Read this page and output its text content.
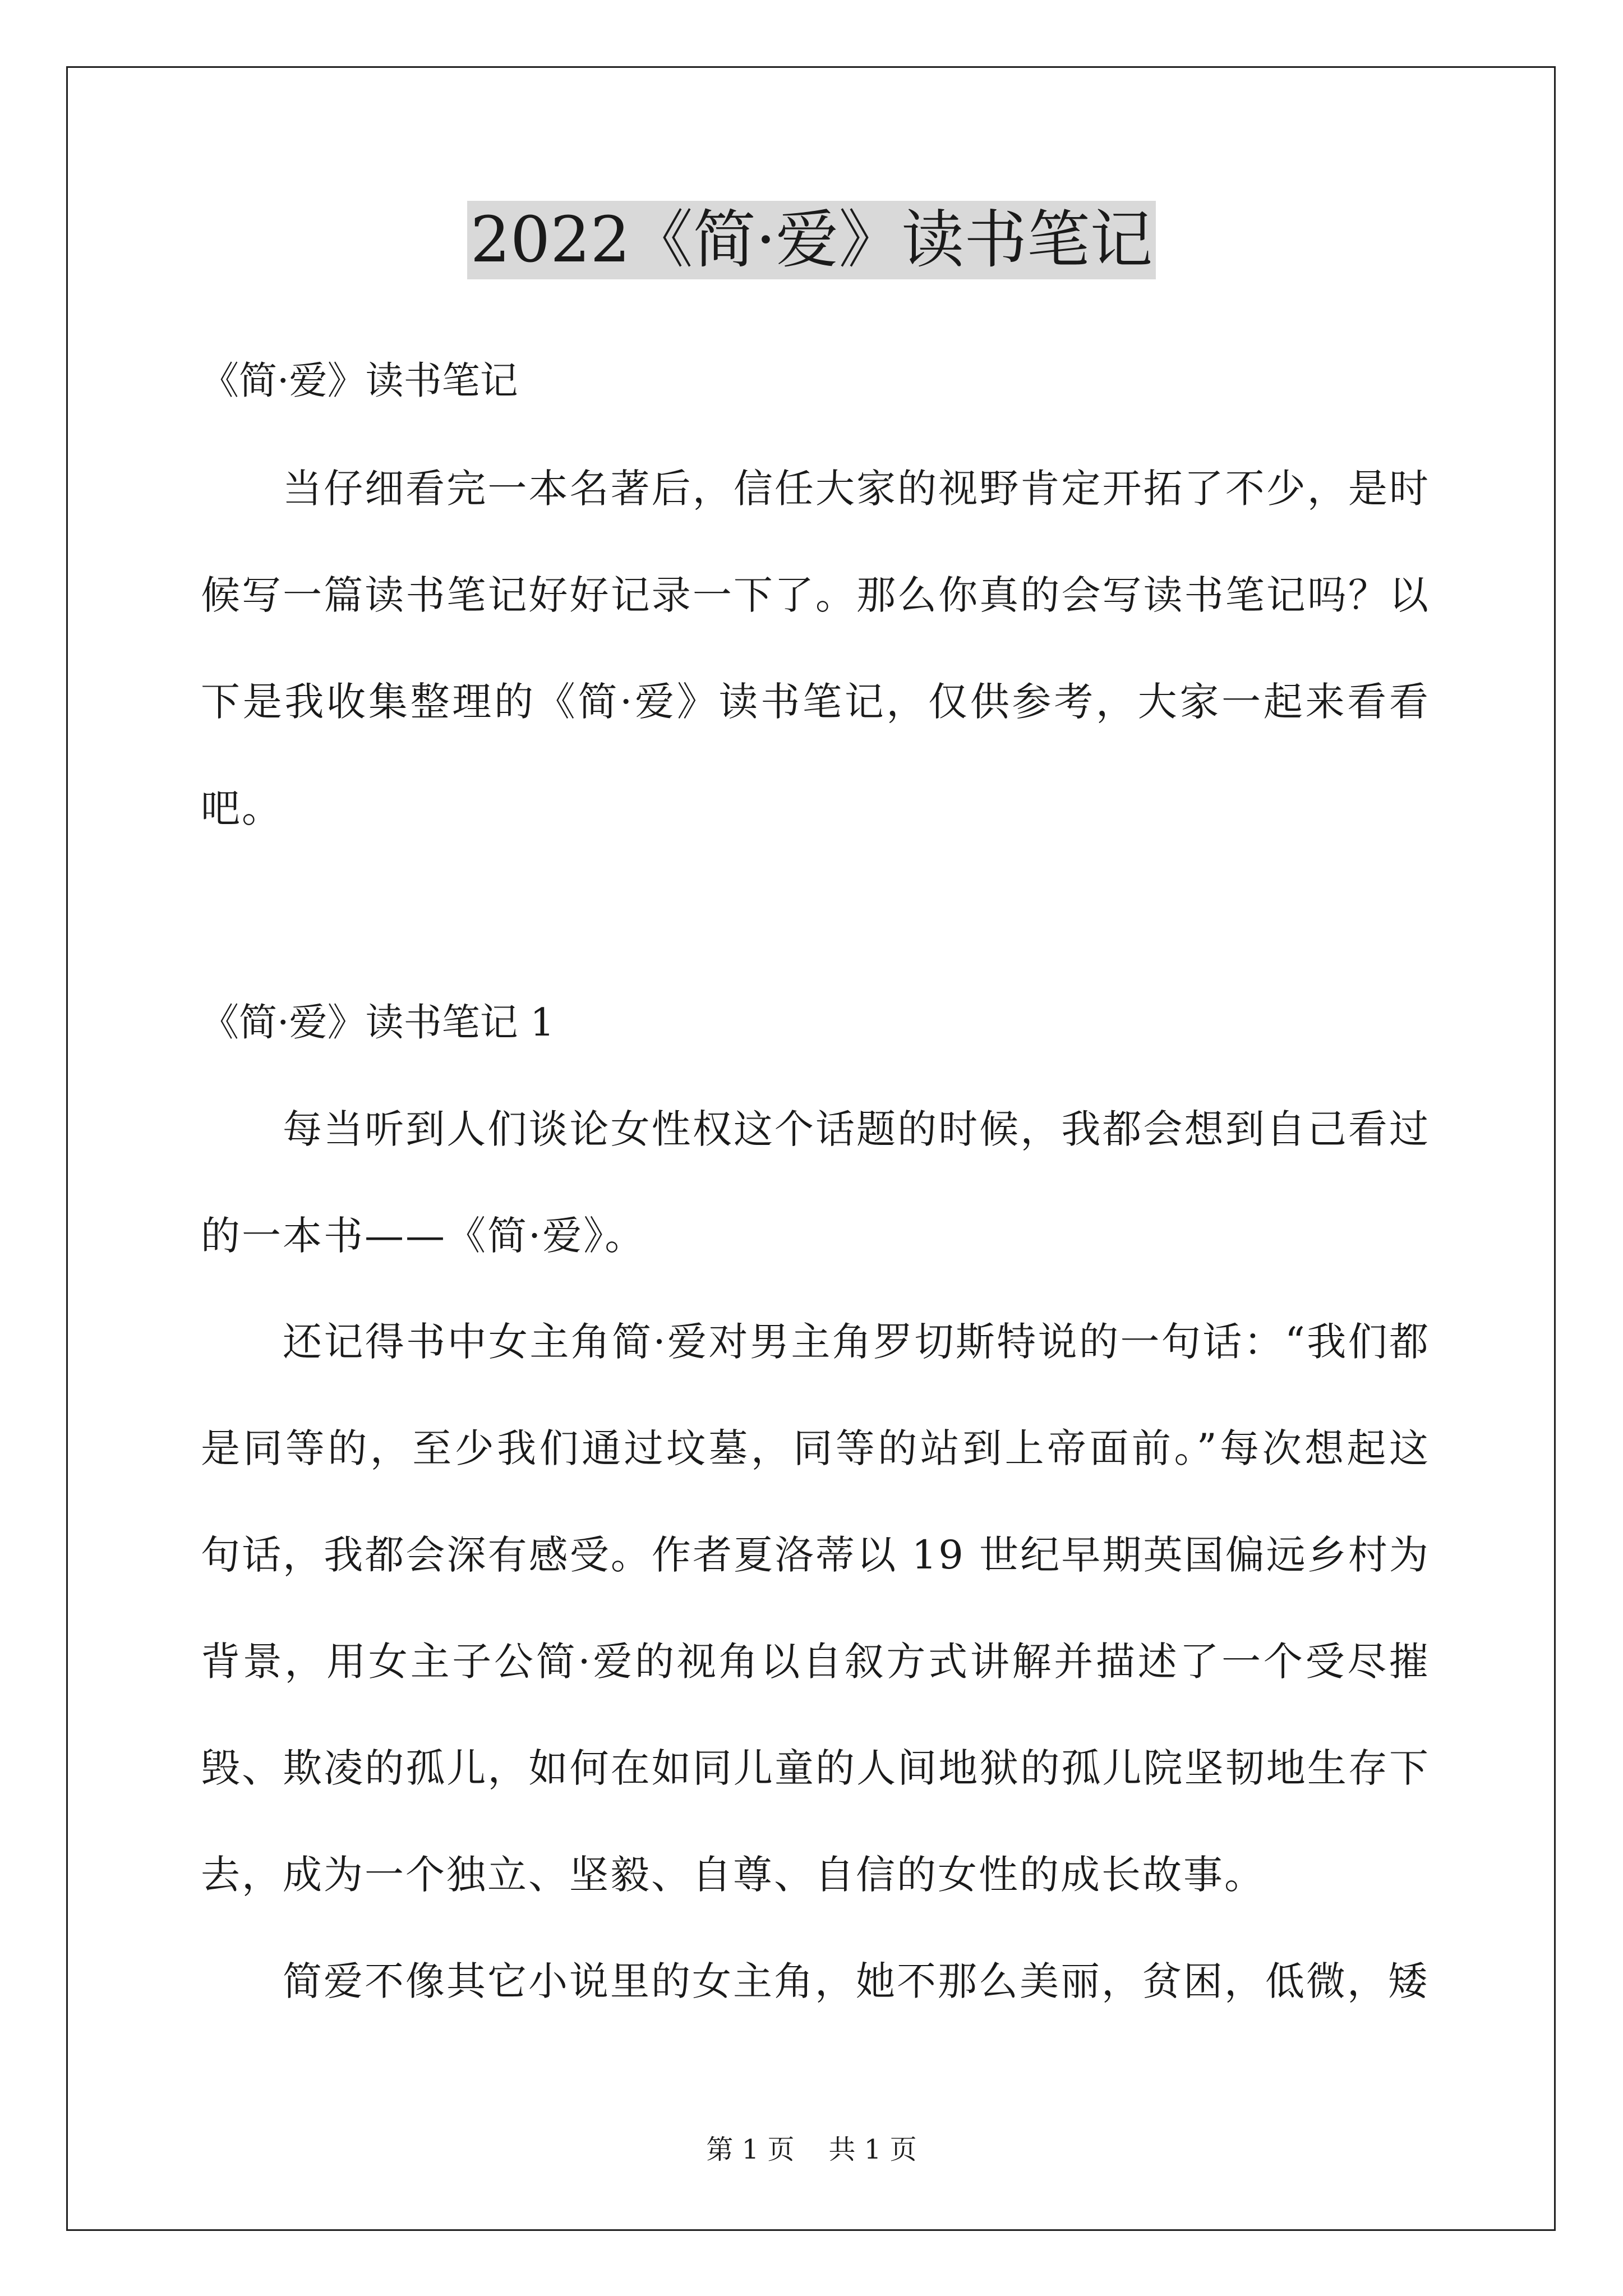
2022《简·爱》读书笔记
《简·爱》读书笔记
当仔细看完一本名著后，信任大家的视野肯定开拓了不少，是时候写一篇读书笔记好好记录一下了。那么你真的会写读书笔记吗？以下是我收集整理的《简·爱》读书笔记，仅供参考，大家一起来看看吧。
《简·爱》读书笔记 1
每当听到人们谈论女性权这个话题的时候，我都会想到自己看过的一本书——《简·爱》。
还记得书中女主角简·爱对男主角罗切斯特说的一句话：“我们都是同等的，至少我们通过坟墓，同等的站到上帝面前。”每次想起这句话，我都会深有感受。作者夏洛蒂以 19 世纪早期英国偏远乡村为背景，用女主子公简·爱的视角以自叙方式讲解并描述了一个受尽摧毁、欺凌的孤儿，如何在如同儿童的人间地狱的孤儿院坚韧地生存下去，成为一个独立、坚毅、自尊、自信的女性的成长故事。
简爱不像其它小说里的女主角，她不那么美丽，贫困，低微，矮
第 1 页    共 1 页
